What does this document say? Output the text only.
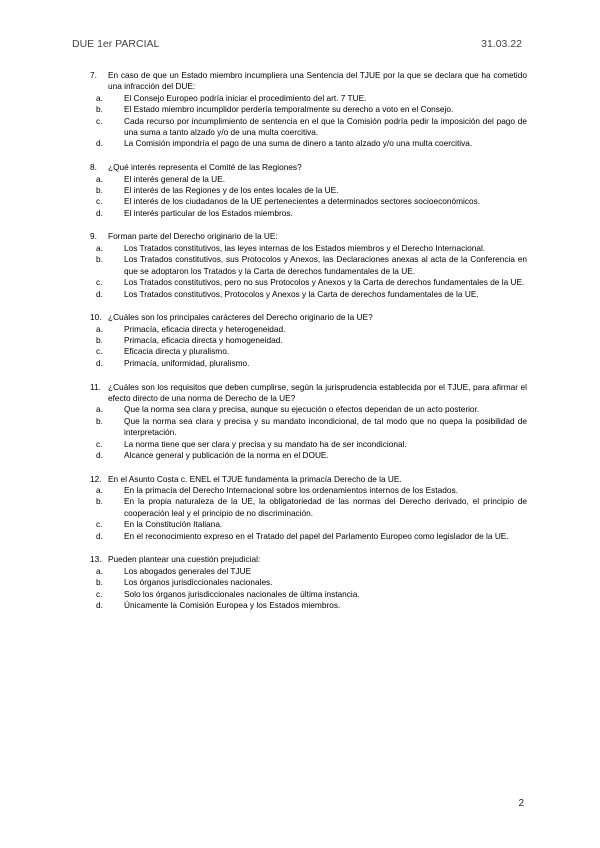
DUE 1er PARCIAL	31.03.22
7.	En caso de que un Estado miembro incumpliera una Sentencia del TJUE por la que se declara que ha cometido una infracción del DUE:
a.	El Consejo Europeo podría iniciar el procedimiento del art. 7 TUE.
b.	El Estado miembro incumplidor perdería temporalmente su derecho a voto en el Consejo.
c.	Cada recurso por incumplimiento de sentencia en el que la Comisión podría pedir la imposición del pago de una suma a tanto alzado y/o de una multa coercitiva.
d.	La Comisión impondría el pago de una suma de dinero a tanto alzado y/o una multa coercitiva.
8.	¿Qué interés representa el Comité de las Regiones?
a.	El interés general de la UE.
b.	El interés de las Regiones y de los entes locales de la UE.
c.	El interés de los ciudadanos de la UE pertenecientes a determinados sectores socioeconómicos.
d.	El interés particular de los Estados miembros.
9.	Forman parte del Derecho originario de la UE:
a.	Los Tratados constitutivos, las leyes internas de los Estados miembros y el Derecho Internacional.
b.	Los Tratados constitutivos, sus Protocolos y Anexos, las Declaraciones anexas al acta de la Conferencia en que se adoptaron los Tratados y la Carta de derechos fundamentales de la UE.
c.	Los Tratados constitutivos, pero no sus Protocolos y Anexos y la Carta de derechos fundamentales de la UE.
d.	Los Tratados constitutivos, Protocolos y Anexos y la Carta de derechos fundamentales de la UE.
10. ¿Cuáles son los principales carácteres del Derecho originario de la UE?
a.	Primacía, eficacia directa y heterogeneidad.
b.	Primacía, eficacia directa y homogeneidad.
c.	Eficacia directa y pluralismo.
d.	Primacía, uniformidad, pluralismo.
11. ¿Cuáles son los requisitos que deben cumplirse, según la jurisprudencia establecida por el TJUE, para afirmar el efecto directo de una norma de Derecho de la UE?
a.	Que la norma sea clara y precisa, aunque su ejecución o efectos dependan de un acto posterior.
b.	Que la norma sea clara y precisa y su mandato incondicional, de tal modo que no quepa la posibilidad de interpretación.
c.	La norma tiene que ser clara y precisa y su mandato ha de ser incondicional.
d.	Alcance general y publicación de la norma en el DOUE.
12. En el Asunto Costa c. ENEL el TJUE fundamenta la primacía Derecho de la UE.
a.	En la primacía del Derecho Internacional sobre los ordenamientos internos de los Estados.
b.	En la propia naturaleza de la UE, la obligatoriedad de las normas del Derecho derivado, el principio de cooperación leal y el principio de no discriminación.
c.	En la Constitución Italiana.
d.	En el reconocimiento expreso en el Tratado del papel del Parlamento Europeo como legislador de la UE.
13. Pueden plantear una cuestión prejudicial:
a.	Los abogados generales del TJUE
b.	Los órganos jurisdiccionales nacionales.
c.	Solo los órganos jurisdiccionales nacionales de última instancia.
d.	Únicamente la Comisión Europea y los Estados miembros.
2
